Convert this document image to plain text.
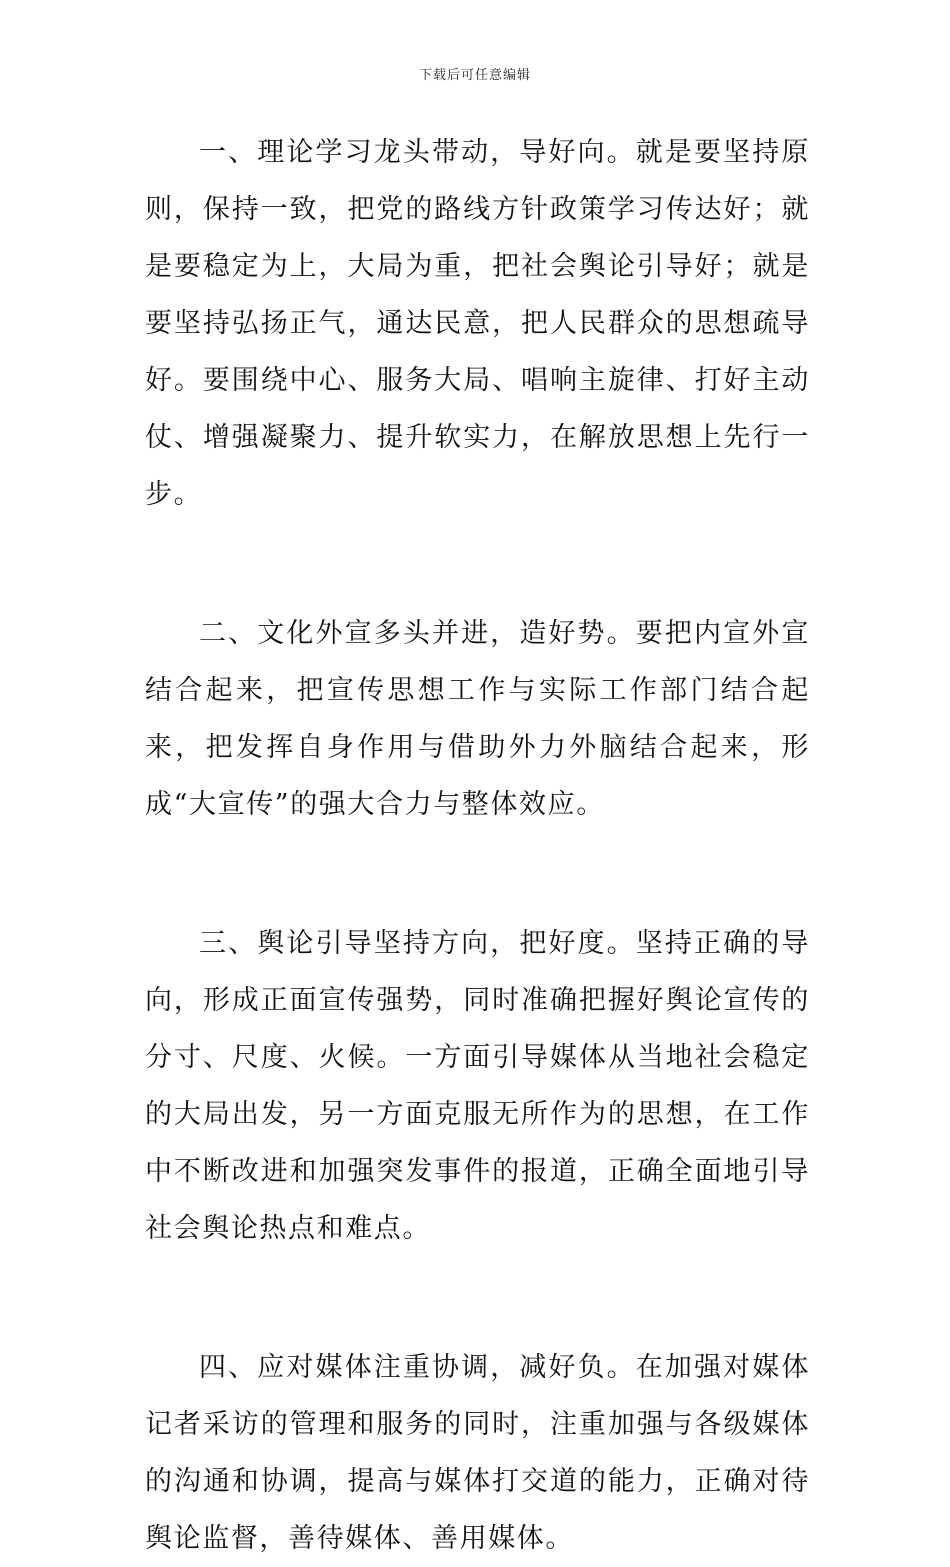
下载后可任意编辑

一、理论学习龙头带动，导好向。就是要坚持原则，保持一致，把党的路线方针政策学习传达好；就是要稳定为上，大局为重，把社会舆论引导好；就是要坚持弘扬正气，通达民意，把人民群众的思想疏导好。要围绕中心、服务大局、唱响主旋律、打好主动仗、增强凝聚力、提升软实力，在解放思想上先行一步。

二、文化外宣多头并进，造好势。要把内宣外宣结合起来，把宣传思想工作与实际工作部门结合起来，把发挥自身作用与借助外力外脑结合起来，形成“大宣传”的强大合力与整体效应。

三、舆论引导坚持方向，把好度。坚持正确的导向，形成正面宣传强势，同时准确把握好舆论宣传的分寸、尺度、火候。一方面引导媒体从当地社会稳定的大局出发，另一方面克服无所作为的思想，在工作中不断改进和加强突发事件的报道，正确全面地引导社会舆论热点和难点。

四、应对媒体注重协调，减好负。在加强对媒体记者采访的管理和服务的同时，注重加强与各级媒体的沟通和协调，提高与媒体打交道的能力，正确对待舆论监督，善待媒体、善用媒体。
